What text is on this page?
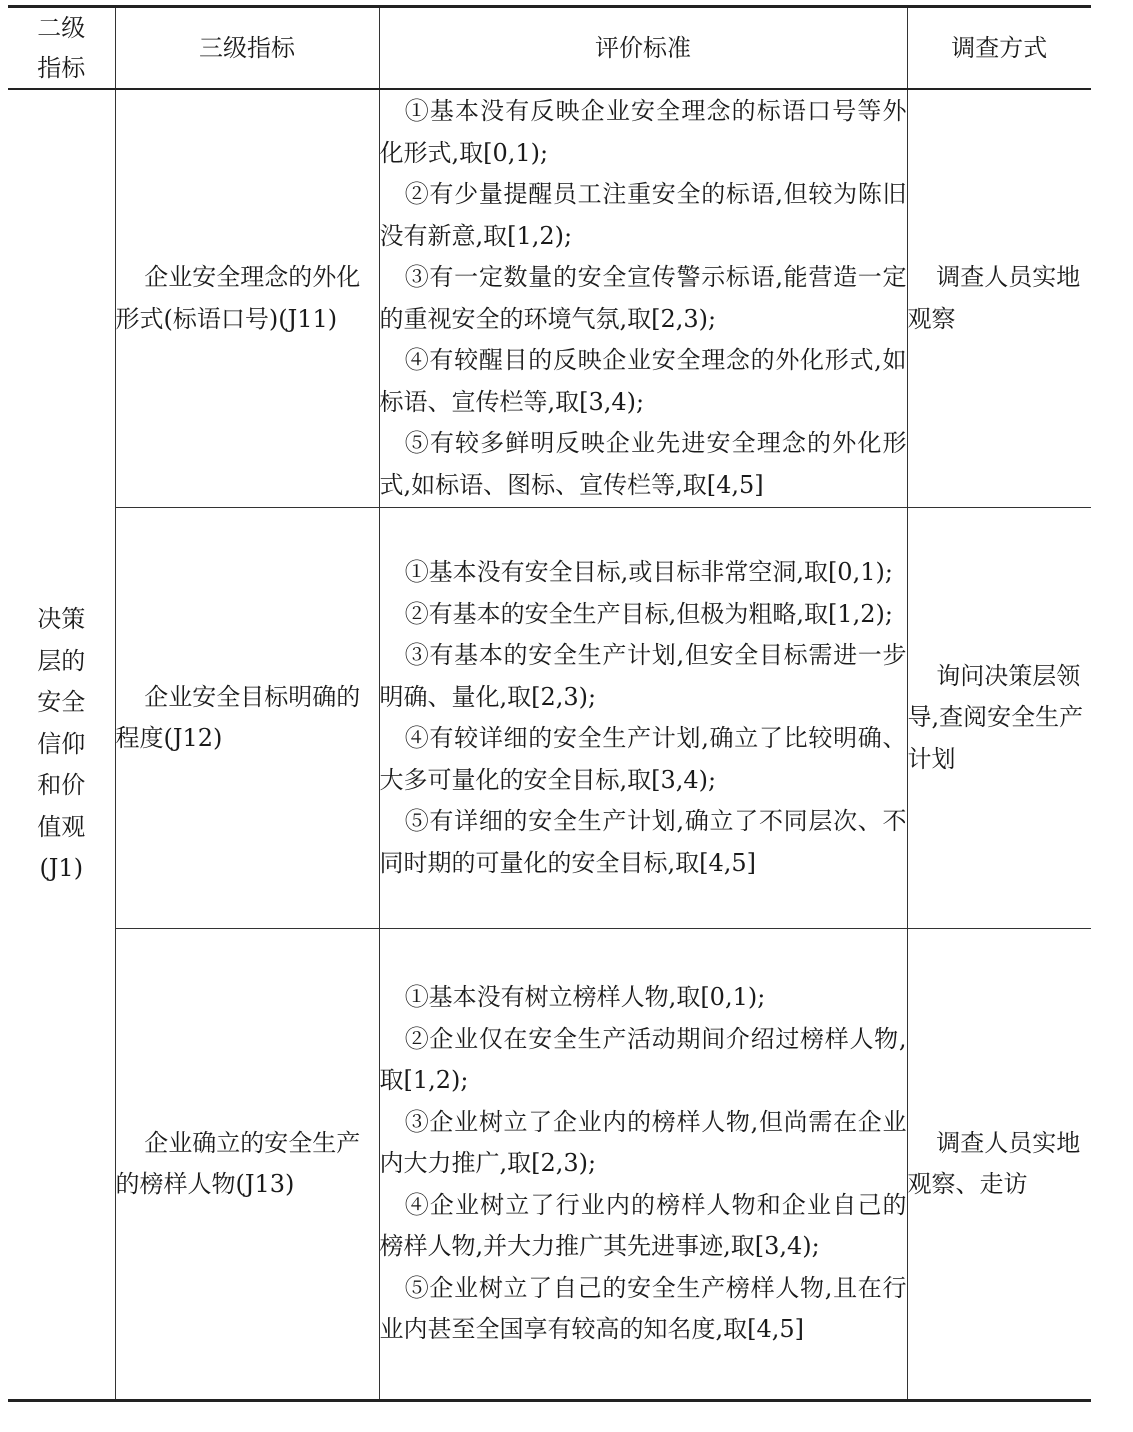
二级指标	三级指标	评价标准	调查方式
决策层的安全信仰和价值观(J1)	企业安全理念的外化形式(标语口号)(J11)	①基本没有反映企业安全理念的标语口号等外化形式,取[0,1);
②有少量提醒员工注重安全的标语,但较为陈旧没有新意,取[1,2);
③有一定数量的安全宣传警示标语,能营造一定的重视安全的环境气氛,取[2,3);
④有较醒目的反映企业安全理念的外化形式,如标语、宣传栏等,取[3,4);
⑤有较多鲜明反映企业先进安全理念的外化形式,如标语、图标、宣传栏等,取[4,5]	调查人员实地观察
	企业安全目标明确的程度(J12)	①基本没有安全目标,或目标非常空洞,取[0,1);
②有基本的安全生产目标,但极为粗略,取[1,2);
③有基本的安全生产计划,但安全目标需进一步明确、量化,取[2,3);
④有较详细的安全生产计划,确立了比较明确、大多可量化的安全目标,取[3,4);
⑤有详细的安全生产计划,确立了不同层次、不同时期的可量化的安全目标,取[4,5]	询问决策层领导,查阅安全生产计划
	企业确立的安全生产的榜样人物(J13)	①基本没有树立榜样人物,取[0,1);
②企业仅在安全生产活动期间介绍过榜样人物,取[1,2);
③企业树立了企业内的榜样人物,但尚需在企业内大力推广,取[2,3);
④企业树立了行业内的榜样人物和企业自己的榜样人物,并大力推广其先进事迹,取[3,4);
⑤企业树立了自己的安全生产榜样人物,且在行业内甚至全国享有较高的知名度,取[4,5]	调查人员实地观察、走访
